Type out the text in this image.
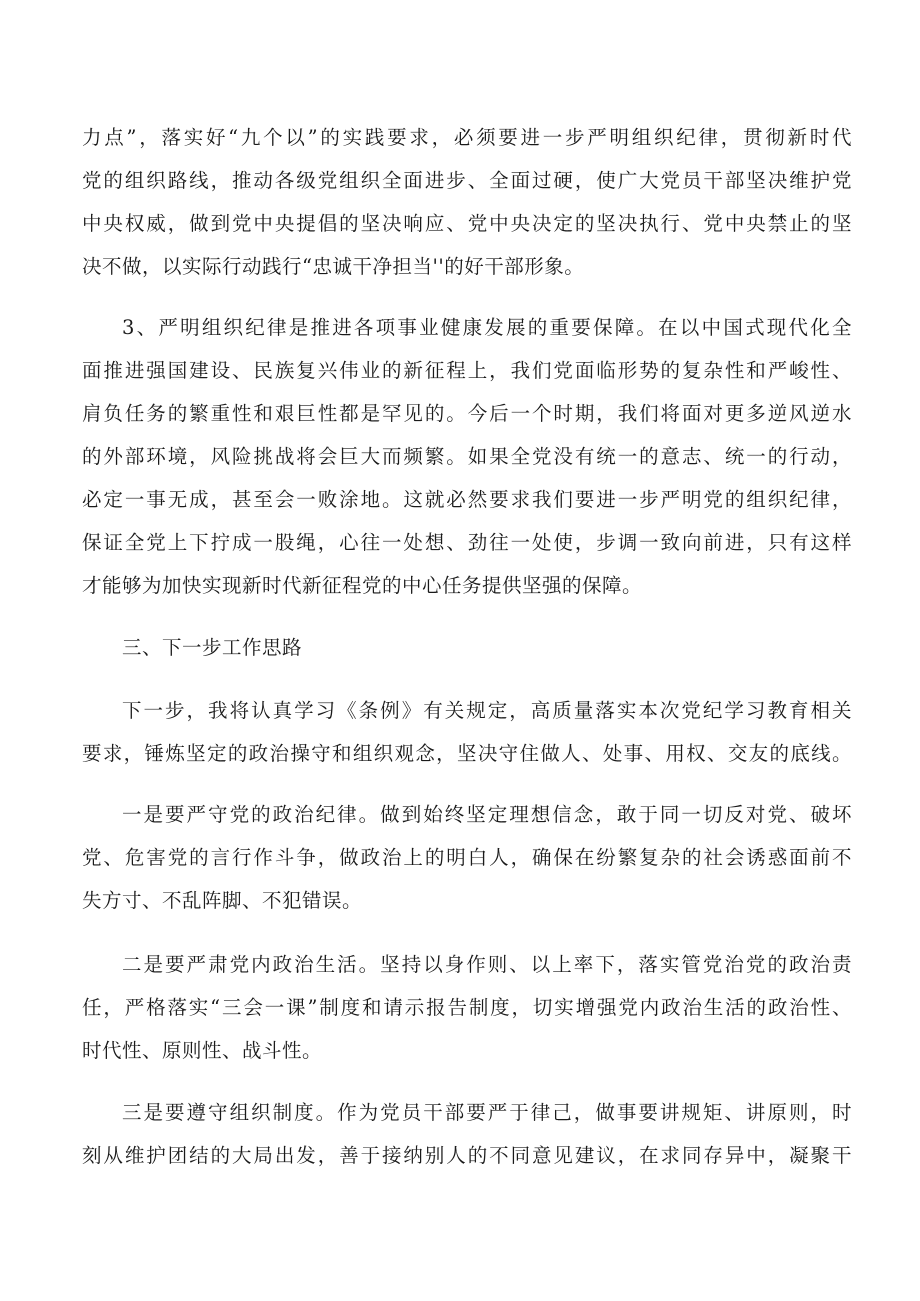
力点”，落实好“九个以”的实践要求，必须要进一步严明组织纪律，贯彻新时代
党的组织路线，推动各级党组织全面进步、全面过硬，使广大党员干部坚决维护党
中央权威，做到党中央提倡的坚决响应、党中央决定的坚决执行、党中央禁止的坚
决不做，以实际行动践行“忠诚干净担当''的好干部形象。
3、严明组织纪律是推进各项事业健康发展的重要保障。在以中国式现代化全
面推进强国建设、民族复兴伟业的新征程上，我们党面临形势的复杂性和严峻性、
肩负任务的繁重性和艰巨性都是罕见的。今后一个时期，我们将面对更多逆风逆水
的外部环境，风险挑战将会巨大而频繁。如果全党没有统一的意志、统一的行动，
必定一事无成，甚至会一败涂地。这就必然要求我们要进一步严明党的组织纪律，
保证全党上下拧成一股绳，心往一处想、劲往一处使，步调一致向前进，只有这样
才能够为加快实现新时代新征程党的中心任务提供坚强的保障。
三、下一步工作思路
下一步，我将认真学习《条例》有关规定，高质量落实本次党纪学习教育相关
要求，锤炼坚定的政治操守和组织观念，坚决守住做人、处事、用权、交友的底线。
一是要严守党的政治纪律。做到始终坚定理想信念，敢于同一切反对党、破坏
党、危害党的言行作斗争，做政治上的明白人，确保在纷繁复杂的社会诱惑面前不
失方寸、不乱阵脚、不犯错误。
二是要严肃党内政治生活。坚持以身作则、以上率下，落实管党治党的政治责
任，严格落实“三会一课”制度和请示报告制度，切实增强党内政治生活的政治性、
时代性、原则性、战斗性。
三是要遵守组织制度。作为党员干部要严于律己，做事要讲规矩、讲原则，时
刻从维护团结的大局出发，善于接纳别人的不同意见建议，在求同存异中，凝聚干
